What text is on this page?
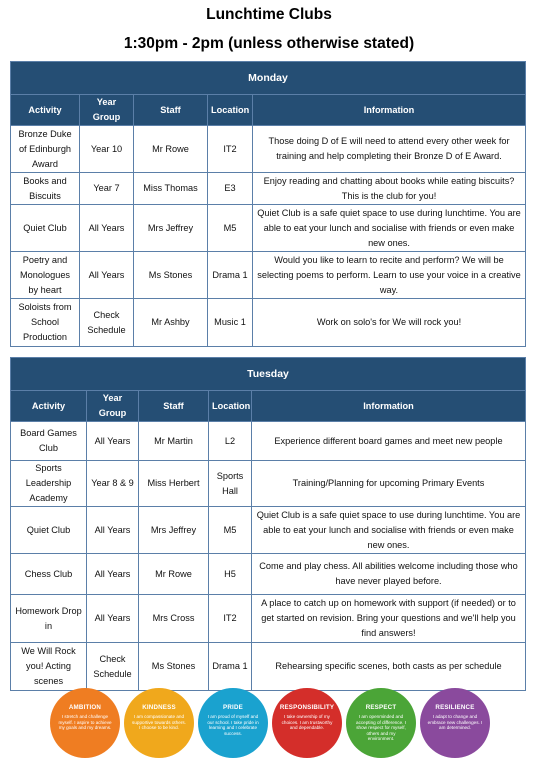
Lunchtime Clubs
1:30pm - 2pm (unless otherwise stated)
Monday				
Activity	Year Group	Staff	Location	Information
Bronze Duke of Edinburgh Award	Year 10	Mr Rowe	IT2	Those doing D of E will need to attend every other week for training and help completing their Bronze D of E Award.
Books and Biscuits	Year 7	Miss Thomas	E3	Enjoy reading and chatting about books while eating biscuits? This is the club for you!
Quiet Club	All Years	Mrs Jeffrey	M5	Quiet Club is a safe quiet space to use during lunchtime. You are able to eat your lunch and socialise with friends or even make new ones.
Poetry and Monologues by heart	All Years	Ms Stones	Drama 1	Would you like to learn to recite and perform? We will be selecting poems to perform. Learn to use your voice in a creative way.
Soloists from School Production	Check Schedule	Mr Ashby	Music 1	Work on solo's for We will rock you!
Tuesday				
Activity	Year Group	Staff	Location	Information
Board Games Club	All Years	Mr Martin	L2	Experience different board games and meet new people
Sports Leadership Academy	Year 8 & 9	Miss Herbert	Sports Hall	Training/Planning for upcoming Primary Events
Quiet Club	All Years	Mrs Jeffrey	M5	Quiet Club is a safe quiet space to use during lunchtime. You are able to eat your lunch and socialise with friends or even make new ones.
Chess Club	All Years	Mr Rowe	H5	Come and play chess. All abilities welcome including those who have never played before.
Homework Drop in	All Years	Mrs Cross	IT2	A place to catch up on homework with support (if needed) or to get started on revision. Bring your questions and we'll help you find answers!
We Will Rock you! Acting scenes	Check Schedule	Ms Stones	Drama 1	Rehearsing specific scenes, both casts as per schedule
AMBITION
I stretch and challenge myself. I aspire to achieve my goals and my dreams.
KINDNESS
I am compassionate and supportive towards others. I choose to be kind.
PRIDE
I am proud of myself and our school. I take pride in learning and I celebrate success.
RESPONSIBILITY
I take ownership of my choices. I am trustworthy and dependable.
RESPECT
I am openminded and accepting of difference. I show respect for myself, others and my environment.
RESILIENCE
I adapt to change and embrace new challenges. I am determined.
